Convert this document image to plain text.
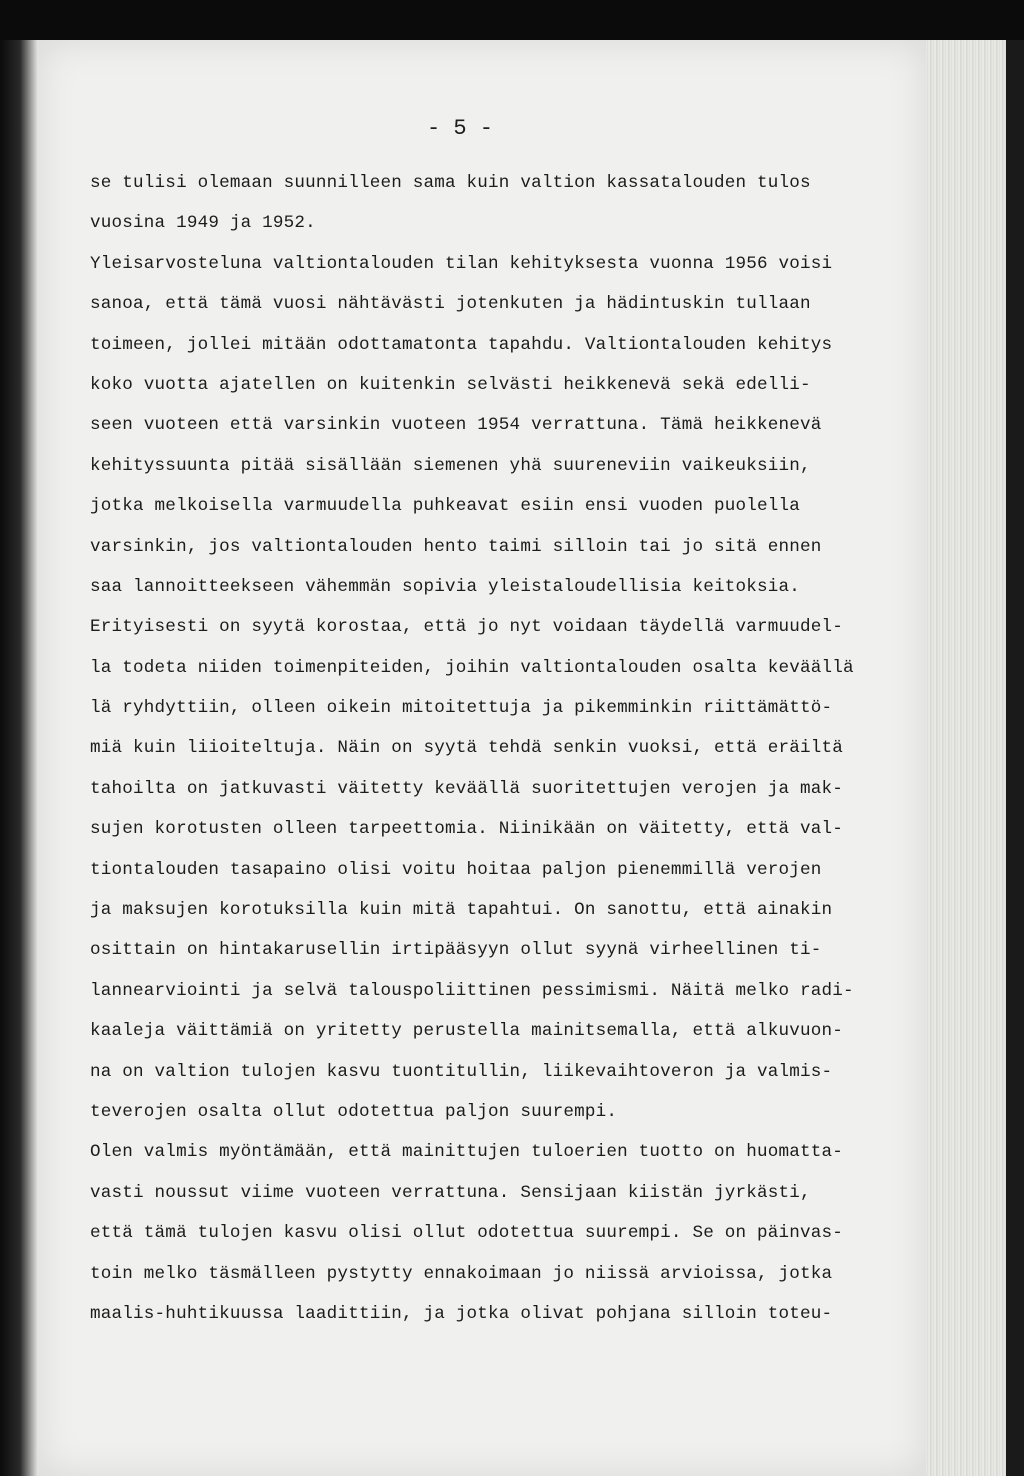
- 5 -

se tulisi olemaan suunnilleen sama kuin valtion kassatalouden tulos
vuosina 1949 ja 1952.
Yleisarvosteluna valtiontalouden tilan kehityksesta vuonna 1956 voisi
sanoa, että tämä vuosi nähtävästi jotenkuten ja hädintuskin tullaan
toimeen, jollei mitään odottamatonta tapahdu. Valtiontalouden kehitys
koko vuotta ajatellen on kuitenkin selvästi heikkenevä sekä edelli-
seen vuoteen että varsinkin vuoteen 1954 verrattuna. Tämä heikkenevä
kehityssuunta pitää sisällään siemenen yhä suureneviin vaikeuksiin,
jotka melkoisella varmuudella puhkeavat esiin ensi vuoden puolella
varsinkin, jos valtiontalouden hento taimi silloin tai jo sitä ennen
saa lannoitteekseen vähemmän sopivia yleistaloudellisia keitoksia.
Erityisesti on syytä korostaa, että jo nyt voidaan täydellä varmuudel-
la todeta niiden toimenpiteiden, joihin valtiontalouden osalta keväällä
lä ryhdyttiin, olleen oikein mitoitettuja ja pikemminkin riittämättö-
miä kuin liioiteltuja. Näin on syytä tehdä senkin vuoksi, että eräiltä
tahoilta on jatkuvasti väitetty keväällä suoritettujen verojen ja mak-
sujen korotusten olleen tarpeettomia. Niinikään on väitetty, että val-
tiontalouden tasapaino olisi voitu hoitaa paljon pienemmillä verojen
ja maksujen korotuksilla kuin mitä tapahtui. On sanottu, että ainakin
osittain on hintakarusellin irtipääsyyn ollut syynä virheellinen ti-
lannearviointi ja selvä talouspoliittinen pessimismi. Näitä melko radi-
kaaleja väittämiä on yritetty perustella mainitsemalla, että alkuvuon-
na on valtion tulojen kasvu tuontitullin, liikevaihtoveron ja valmis-
teverojen osalta ollut odotettua paljon suurempi.
Olen valmis myöntämään, että mainittujen tuloerien tuotto on huomatta-
vasti noussut viime vuoteen verrattuna. Sensijaan kiistän jyrkästi,
että tämä tulojen kasvu olisi ollut odotettua suurempi. Se on päinvas-
toin melko täsmälleen pystytty ennakoimaan jo niissä arvioissa, jotka
maalis-huhtikuussa laadittiin, ja jotka olivat pohjana silloin toteu-
